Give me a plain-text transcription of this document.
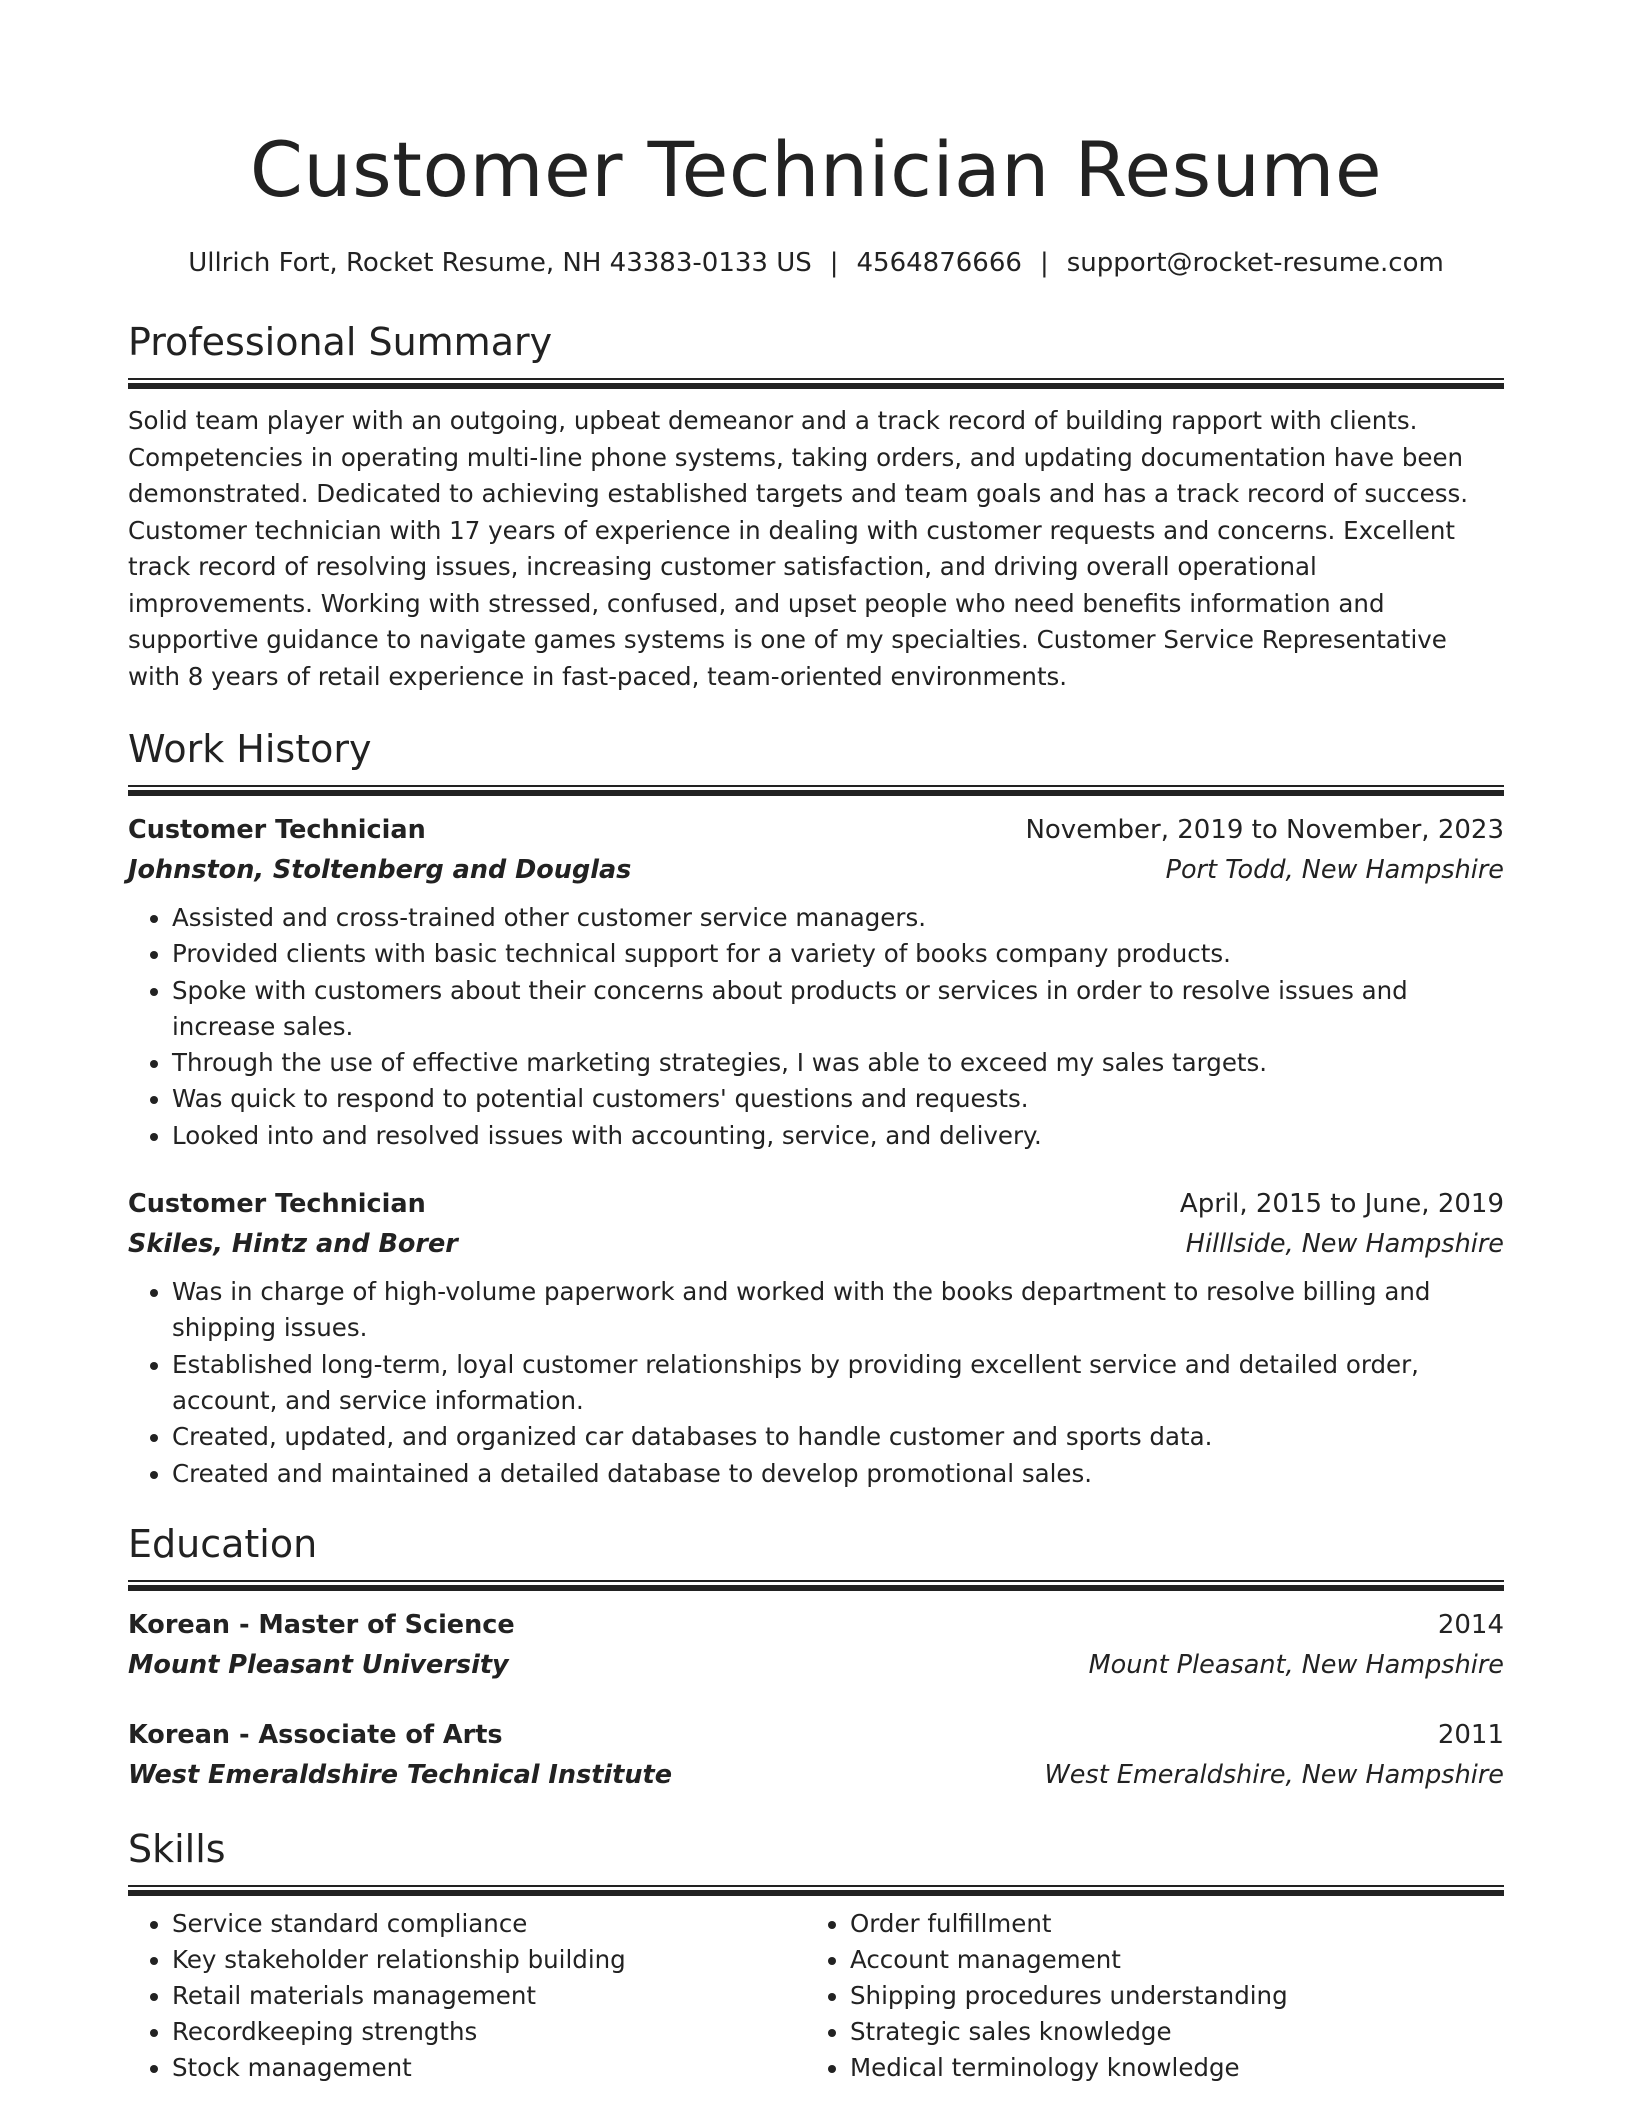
Customer Technician Resume
Ullrich Fort, Rocket Resume, NH 43383-0133 US | 4564876666 | support@rocket-resume.com
Professional Summary
Solid team player with an outgoing, upbeat demeanor and a track record of building rapport with clients. Competencies in operating multi-line phone systems, taking orders, and updating documentation have been demonstrated. Dedicated to achieving established targets and team goals and has a track record of success. Customer technician with 17 years of experience in dealing with customer requests and concerns. Excellent track record of resolving issues, increasing customer satisfaction, and driving overall operational improvements. Working with stressed, confused, and upset people who need benefits information and supportive guidance to navigate games systems is one of my specialties. Customer Service Representative with 8 years of retail experience in fast-paced, team-oriented environments.
Work History
Customer Technician	November, 2019 to November, 2023
Johnston, Stoltenberg and Douglas	Port Todd, New Hampshire
• Assisted and cross-trained other customer service managers.
• Provided clients with basic technical support for a variety of books company products.
• Spoke with customers about their concerns about products or services in order to resolve issues and increase sales.
• Through the use of effective marketing strategies, I was able to exceed my sales targets.
• Was quick to respond to potential customers' questions and requests.
• Looked into and resolved issues with accounting, service, and delivery.
Customer Technician	April, 2015 to June, 2019
Skiles, Hintz and Borer	Hilllside, New Hampshire
• Was in charge of high-volume paperwork and worked with the books department to resolve billing and shipping issues.
• Established long-term, loyal customer relationships by providing excellent service and detailed order, account, and service information.
• Created, updated, and organized car databases to handle customer and sports data.
• Created and maintained a detailed database to develop promotional sales.
Education
Korean - Master of Science	2014
Mount Pleasant University	Mount Pleasant, New Hampshire
Korean - Associate of Arts	2011
West Emeraldshire Technical Institute	West Emeraldshire, New Hampshire
Skills
• Service standard compliance
• Key stakeholder relationship building
• Retail materials management
• Recordkeeping strengths
• Stock management
• Order fulfillment
• Account management
• Shipping procedures understanding
• Strategic sales knowledge
• Medical terminology knowledge
